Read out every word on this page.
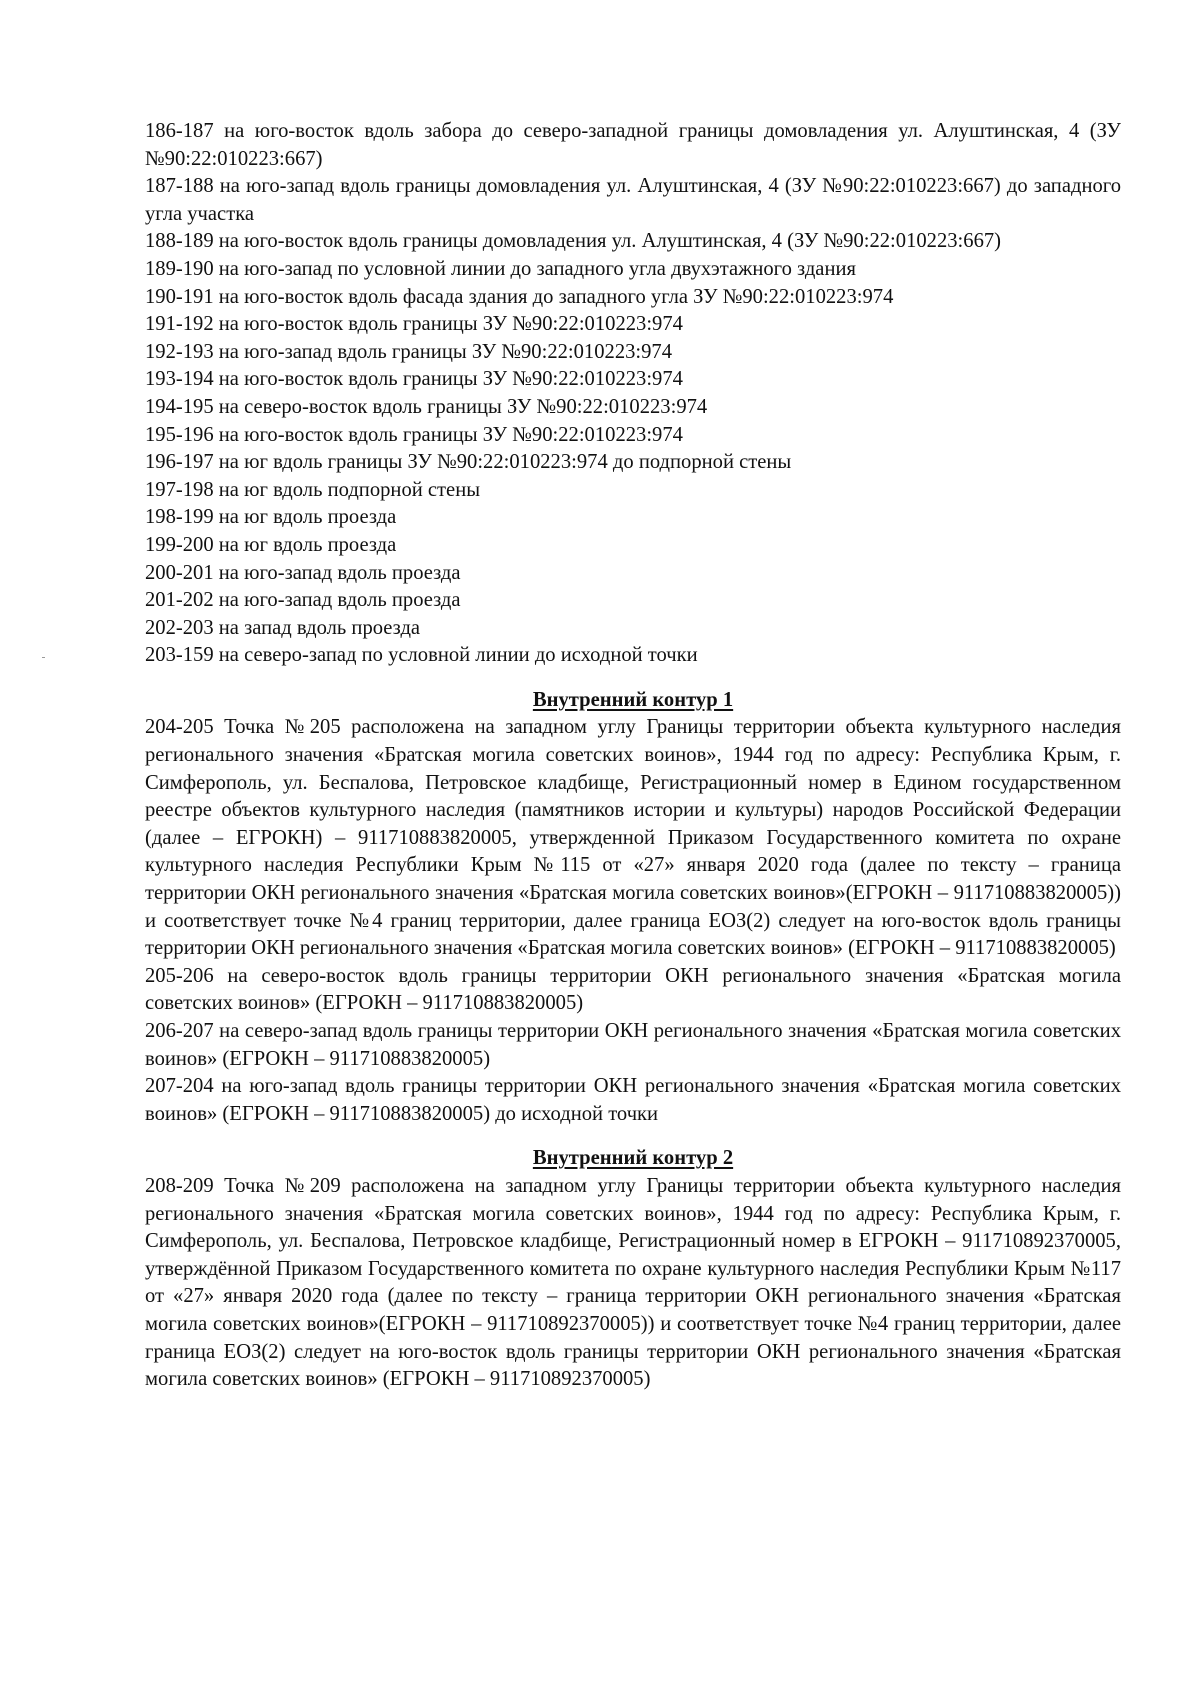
186-187 на юго-восток вдоль забора до северо-западной границы домовладения ул. Алуштинская, 4 (ЗУ №90:22:010223:667)

187-188 на юго-запад вдоль границы домовладения ул. Алуштинская, 4 (ЗУ №90:22:010223:667) до западного угла участка

188-189 на юго-восток вдоль границы домовладения ул. Алуштинская, 4 (ЗУ №90:22:010223:667)

189-190 на юго-запад по условной линии до западного угла двухэтажного здания

190-191 на юго-восток вдоль фасада здания до западного угла ЗУ №90:22:010223:974

191-192 на юго-восток вдоль границы ЗУ №90:22:010223:974

192-193 на юго-запад вдоль границы ЗУ №90:22:010223:974

193-194 на юго-восток вдоль границы ЗУ №90:22:010223:974

194-195 на северо-восток вдоль границы ЗУ №90:22:010223:974

195-196 на юго-восток вдоль границы ЗУ №90:22:010223:974

196-197 на юг вдоль границы ЗУ №90:22:010223:974 до подпорной стены

197-198 на юг вдоль подпорной стены

198-199 на юг вдоль проезда

199-200 на юг вдоль проезда

200-201 на юго-запад вдоль проезда

201-202 на юго-запад вдоль проезда

202-203 на запад вдоль проезда

203-159 на северо-запад по условной линии до исходной точки

Внутренний контур 1

204-205 Точка №205 расположена на западном углу Границы территории объекта культурного наследия регионального значения «Братская могила советских воинов», 1944 год по адресу: Республика Крым, г. Симферополь, ул. Беспалова, Петровское кладбище, Регистрационный номер в Едином государственном реестре объектов культурного наследия (памятников истории и культуры) народов Российской Федерации (далее – ЕГРОКН) – 911710883820005, утвержденной Приказом Государственного комитета по охране культурного наследия Республики Крым №115 от «27» января 2020 года (далее по тексту – граница территории ОКН регионального значения «Братская могила советских воинов»(ЕГРОКН – 911710883820005)) и соответствует точке №4 границ территории, далее граница ЕОЗ(2) следует на юго-восток вдоль границы территории ОКН регионального значения «Братская могила советских воинов» (ЕГРОКН – 911710883820005)

205-206 на северо-восток вдоль границы территории ОКН регионального значения «Братская могила советских воинов» (ЕГРОКН – 911710883820005)

206-207 на северо-запад вдоль границы территории ОКН регионального значения «Братская могила советских воинов» (ЕГРОКН – 911710883820005)

207-204 на юго-запад вдоль границы территории ОКН регионального значения «Братская могила советских воинов» (ЕГРОКН – 911710883820005) до исходной точки

Внутренний контур 2

208-209 Точка №209 расположена на западном углу Границы территории объекта культурного наследия регионального значения «Братская могила советских воинов», 1944 год по адресу: Республика Крым, г. Симферополь, ул. Беспалова, Петровское кладбище, Регистрационный номер в ЕГРОКН – 911710892370005, утверждённой Приказом Государственного комитета по охране культурного наследия Республики Крым №117 от «27» января 2020 года (далее по тексту – граница территории ОКН регионального значения «Братская могила советских воинов»(ЕГРОКН – 911710892370005)) и соответствует точке №4 границ территории, далее граница ЕОЗ(2) следует на юго-восток вдоль границы территории ОКН регионального значения «Братская могила советских воинов» (ЕГРОКН – 911710892370005)
